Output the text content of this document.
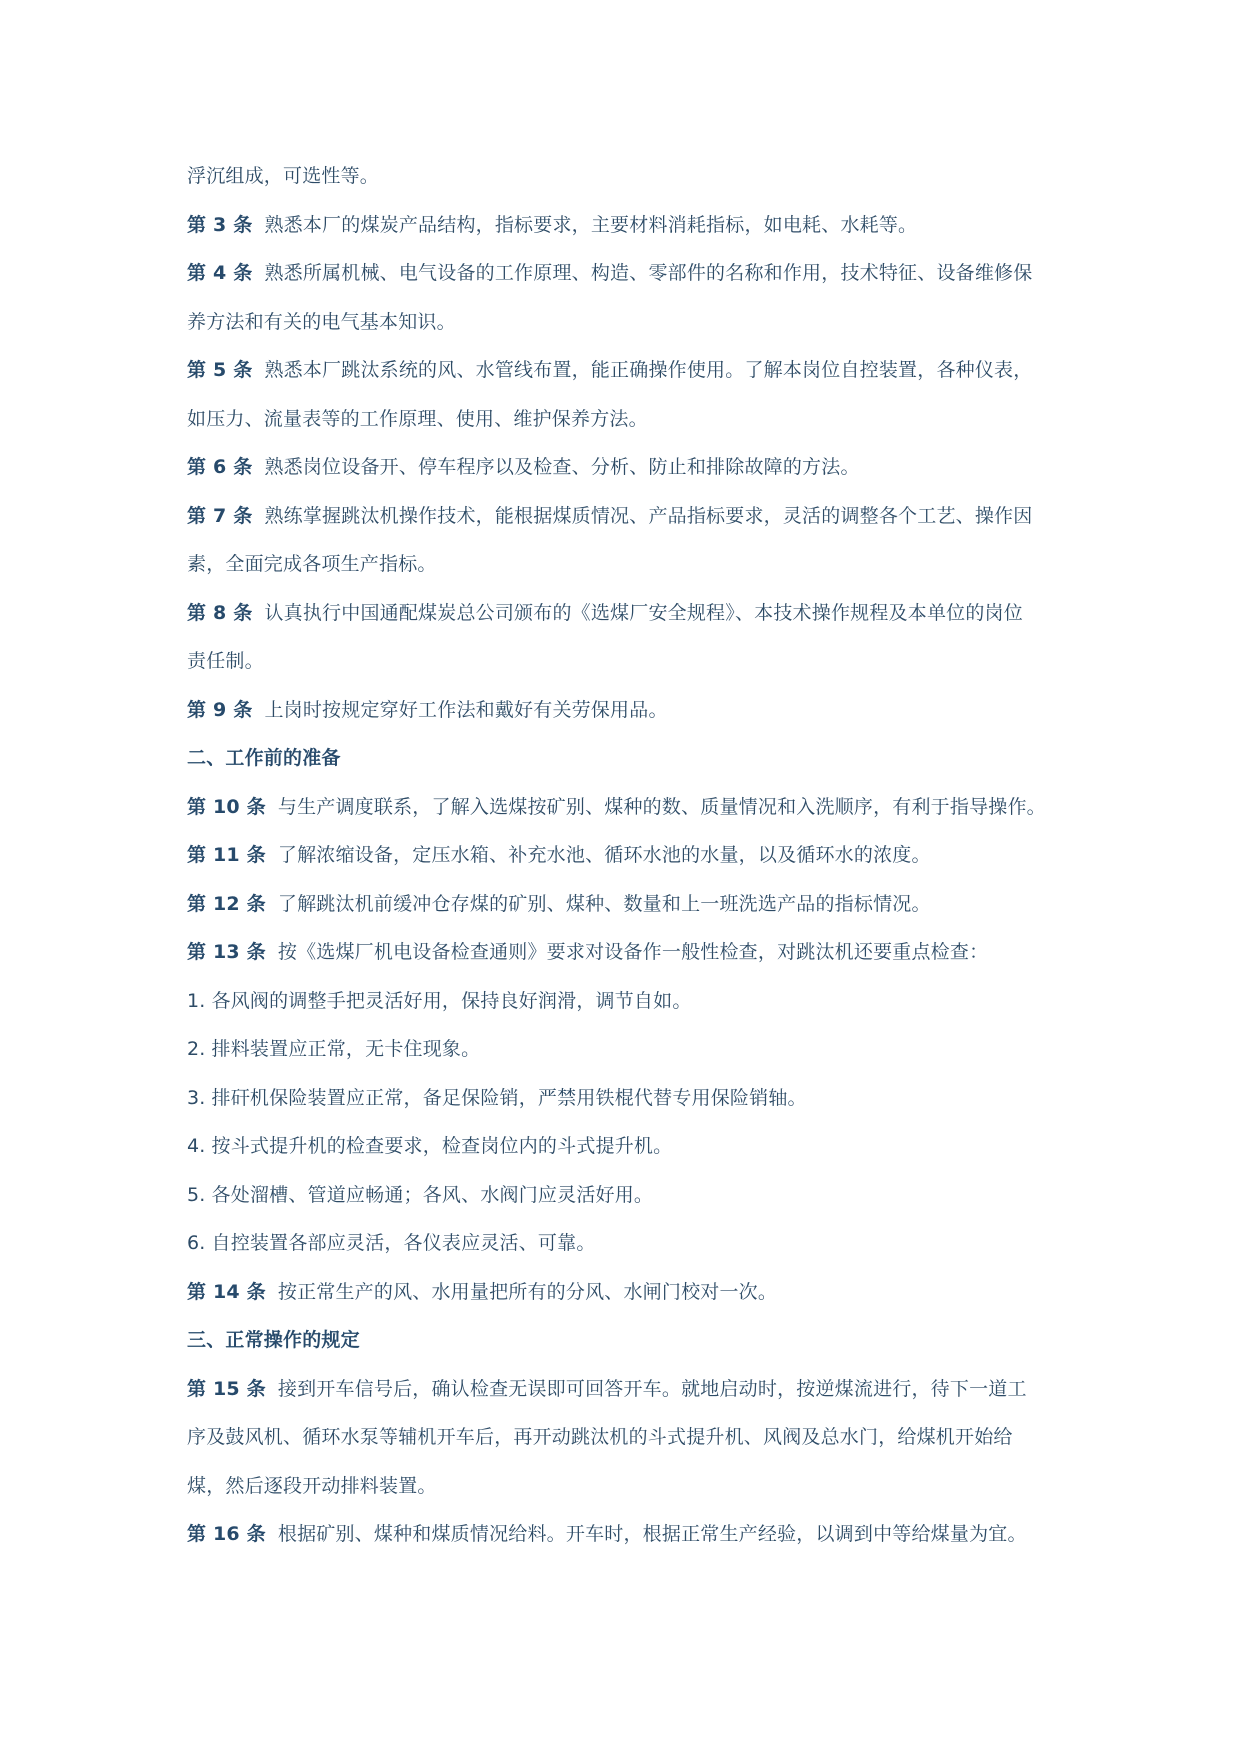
浮沉组成，可选性等。
第 3 条 熟悉本厂的煤炭产品结构，指标要求，主要材料消耗指标，如电耗、水耗等。
第 4 条 熟悉所属机械、电气设备的工作原理、构造、零部件的名称和作用，技术特征、设备维修保
养方法和有关的电气基本知识。
第 5 条 熟悉本厂跳汰系统的风、水管线布置，能正确操作使用。了解本岗位自控装置，各种仪表，
如压力、流量表等的工作原理、使用、维护保养方法。
第 6 条 熟悉岗位设备开、停车程序以及检查、分析、防止和排除故障的方法。
第 7 条 熟练掌握跳汰机操作技术，能根据煤质情况、产品指标要求，灵活的调整各个工艺、操作因
素，全面完成各项生产指标。
第 8 条 认真执行中国通配煤炭总公司颁布的《选煤厂安全规程》、本技术操作规程及本单位的岗位
责任制。
第 9 条 上岗时按规定穿好工作法和戴好有关劳保用品。
二、工作前的准备
第 10 条 与生产调度联系，了解入选煤按矿别、煤种的数、质量情况和入洗顺序，有利于指导操作。
第 11 条 了解浓缩设备，定压水箱、补充水池、循环水池的水量，以及循环水的浓度。
第 12 条 了解跳汰机前缓冲仓存煤的矿别、煤种、数量和上一班洗选产品的指标情况。
第 13 条 按《选煤厂机电设备检查通则》要求对设备作一般性检查，对跳汰机还要重点检查：
1. 各风阀的调整手把灵活好用，保持良好润滑，调节自如。
2. 排料装置应正常，无卡住现象。
3. 排矸机保险装置应正常，备足保险销，严禁用铁棍代替专用保险销轴。
4. 按斗式提升机的检查要求，检查岗位内的斗式提升机。
5. 各处溜槽、管道应畅通；各风、水阀门应灵活好用。
6. 自控装置各部应灵活，各仪表应灵活、可靠。
第 14 条 按正常生产的风、水用量把所有的分风、水闸门校对一次。
三、正常操作的规定
第 15 条 接到开车信号后，确认检查无误即可回答开车。就地启动时，按逆煤流进行，待下一道工
序及鼓风机、循环水泵等辅机开车后，再开动跳汰机的斗式提升机、风阀及总水门，给煤机开始给
煤，然后逐段开动排料装置。
第 16 条 根据矿别、煤种和煤质情况给料。开车时，根据正常生产经验，以调到中等给煤量为宜。
